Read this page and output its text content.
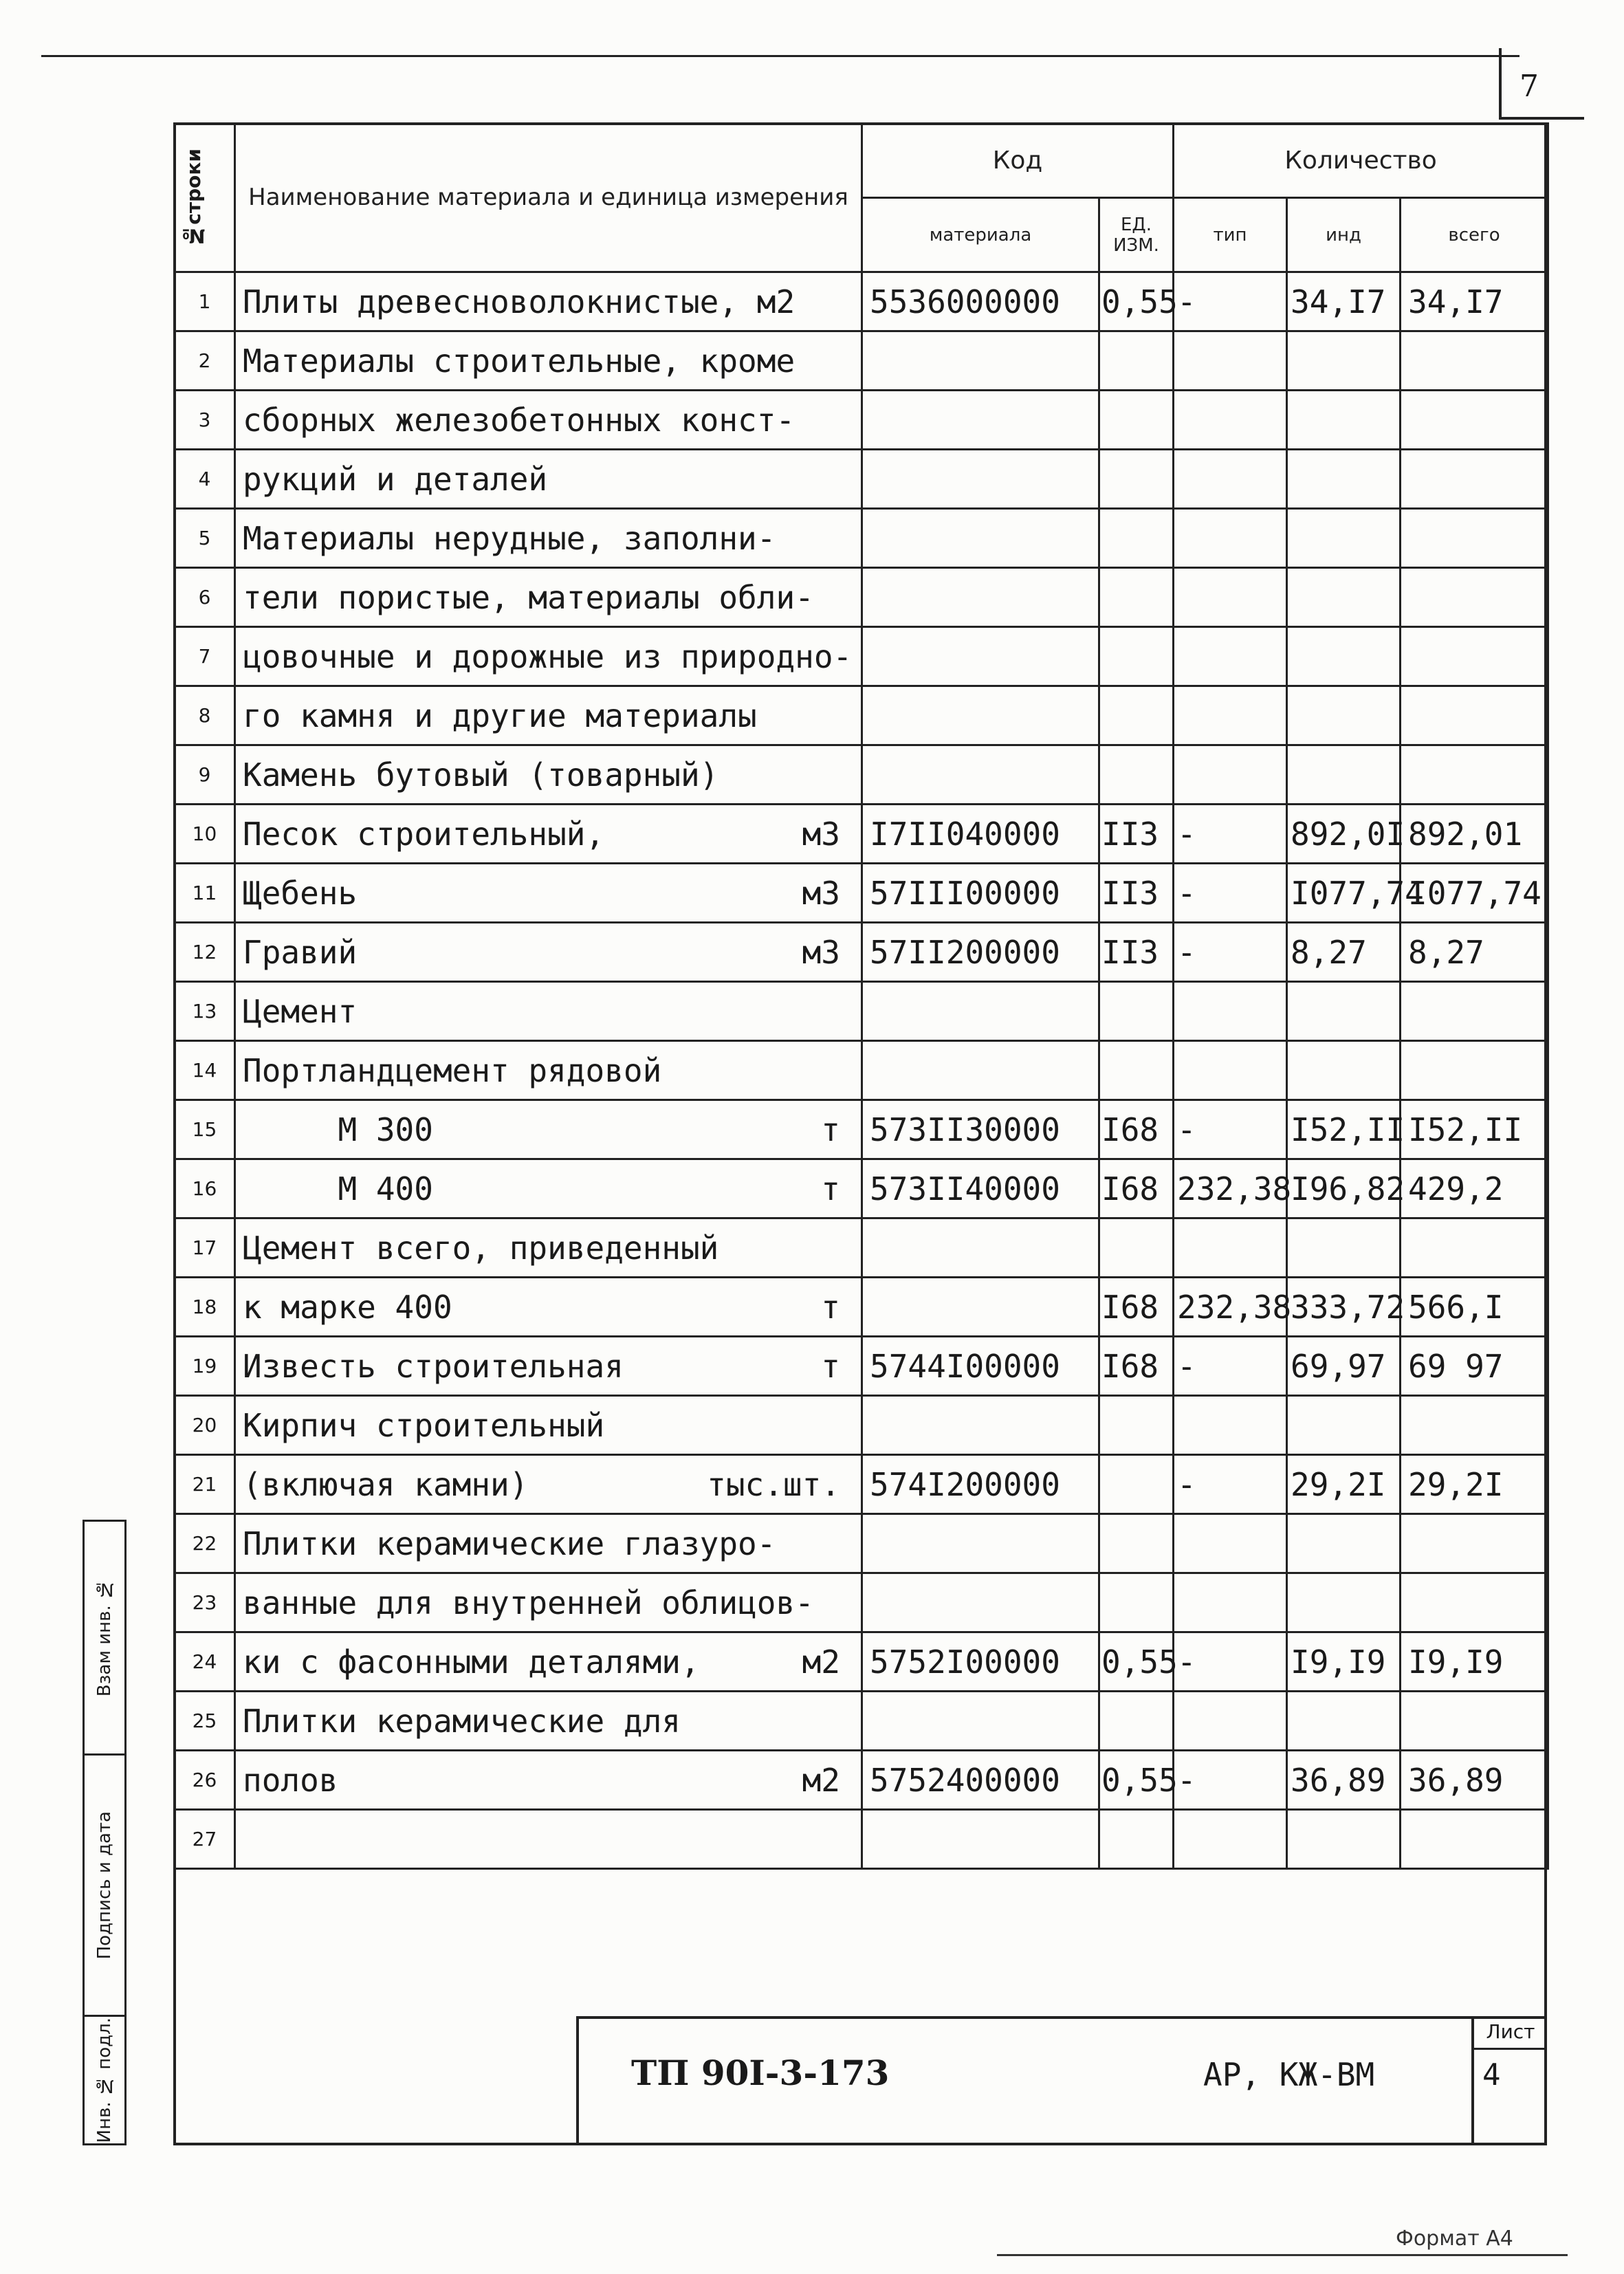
7
№строки	Наименование материала и единица измерения	Код		Количество		
		материала	ЕД. ИЗМ.	тип	инд	всего
1	Плиты древесноволокнистые, м2	5536000000	0,55	-	34,I7	34,I7
2	Материалы строительные, кроме

3	сборных железобетонных конст-

4	рукций и деталей

5	Материалы нерудные, заполни-

6	тели пористые, материалы обли-

7	цовочные и дорожные из природно-

8	го камня и другие материалы

9	Камень бутовый (товарный)

10	Песок строительный, м3	I7II040000	II3	-	892,0I	892,01
11	Щебень м3	57III00000	II3	-	I077,74	I077,74
12	Гравий м3	57II200000	II3	-	8,27	8,27
13	Цемент

14	Портландцемент рядовой

15	М 300 т	573II30000	I68	-	I52,II	I52,II
16	М 400 т	573II40000	I68	232,38	I96,82	429,2
17	Цемент всего, приведенный

18	к марке 400 т		I68	232,38	333,72	566,I
19	Известь строительная т	5744I00000	I68	-	69,97	69 97
20	Кирпич строительный

21	(включая камни) тыс.шт.	574I200000		-	29,2I	29,2I
22	Плитки керамические глазуро-

23	ванные для внутренней облицов-

24	ки с фасонными деталями, м2	5752I00000	0,55	-	I9,I9	I9,I9
25	Плитки керамические для

26	полов м2	5752400000	0,55	-	36,89	36,89
27	

Взам инв. №
Подпись и дата
Инв. № подл.	ТП 90I-3-173	АР, КЖ-ВМ
Лист
4
Формат А4
